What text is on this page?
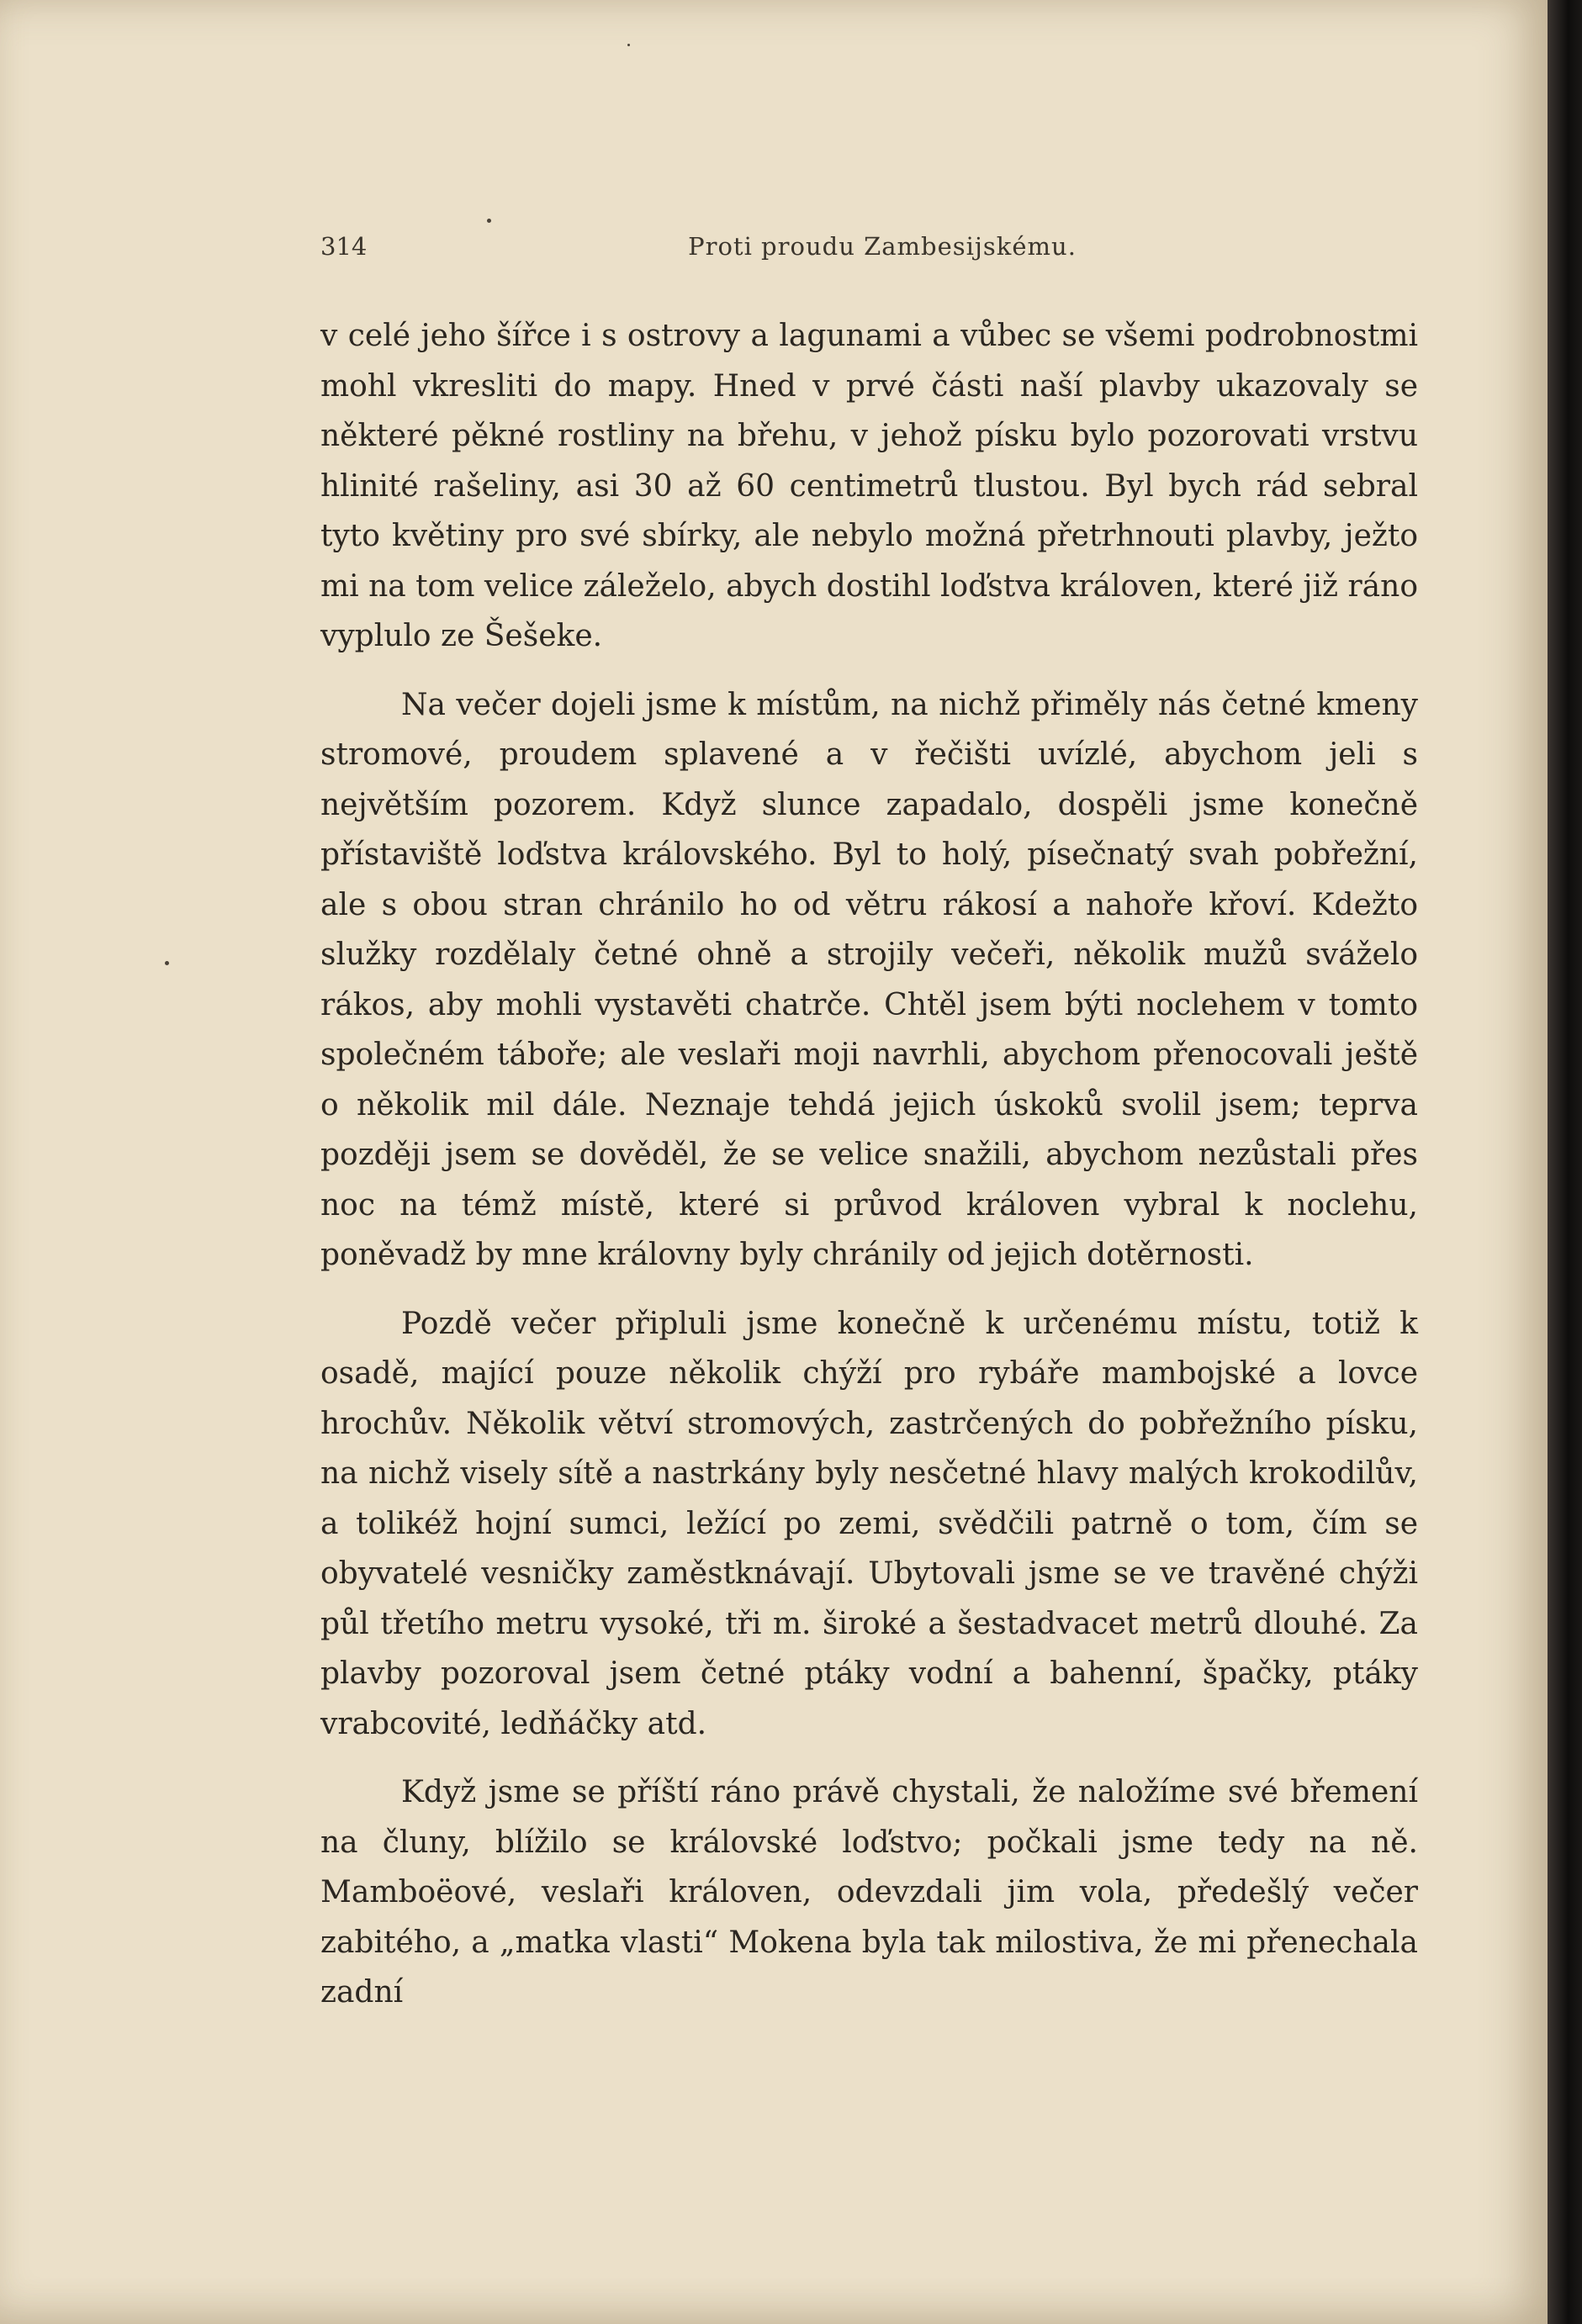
314	Proti proudu Zambesijskému.

v celé jeho šířce i s ostrovy a lagunami a vůbec se všemi podrobnostmi mohl vkresliti do mapy. Hned v prvé části naší plavby ukazovaly se některé pěkné rostliny na břehu, v jehož písku bylo pozorovati vrstvu hlinité rašeliny, asi 30 až 60 centimetrů tlustou. Byl bych rád sebral tyto květiny pro své sbírky, ale nebylo možná přetrhnouti plavby, ježto mi na tom velice záleželo, abych dostihl loďstva královen, které již ráno vyplulo ze Šešeke.

Na večer dojeli jsme k místům, na nichž přiměly nás četné kmeny stromové, proudem splavené a v řečišti uvízlé, abychom jeli s největším pozorem. Když slunce zapadalo, dospěli jsme konečně přístaviště loďstva královského. Byl to holý, písečnatý svah pobřežní, ale s obou stran chránilo ho od větru rákosí a nahoře křoví. Kdežto služky rozdělaly četné ohně a strojily večeři, několik mužů sváželo rákos, aby mohli vystavěti chatrče. Chtěl jsem býti noclehem v tomto společném táboře; ale veslaři moji navrhli, abychom přenocovali ještě o několik mil dále. Neznaje tehdá jejich úskoků svolil jsem; teprva později jsem se dověděl, že se velice snažili, abychom nezůstali přes noc na témž místě, které si průvod královen vybral k noclehu, poněvadž by mne královny byly chránily od jejich dotěrnosti.

Pozdě večer připluli jsme konečně k určenému místu, totiž k osadě, mající pouze několik chýží pro rybáře mambojské a lovce hrochův. Několik větví stromových, zastrčených do pobřežního písku, na nichž visely sítě a nastrkány byly nesčetné hlavy malých krokodilův, a tolikéž hojní sumci, ležící po zemi, svědčili patrně o tom, čím se obyvatelé vesničky zaměstknávají. Ubytovali jsme se ve travěné chýži půl třetího metru vysoké, tři m. široké a šestadvacet metrů dlouhé. Za plavby pozoroval jsem četné ptáky vodní a bahenní, špačky, ptáky vrabcovité, ledňáčky atd.

Když jsme se příští ráno právě chystali, že naložíme své břemení na čluny, blížilo se královské loďstvo; počkali jsme tedy na ně. Mamboëové, veslaři královen, odevzdali jim vola, předešlý večer zabitého, a „matka vlasti“ Mokena byla tak milostiva, že mi přenechala zadní
